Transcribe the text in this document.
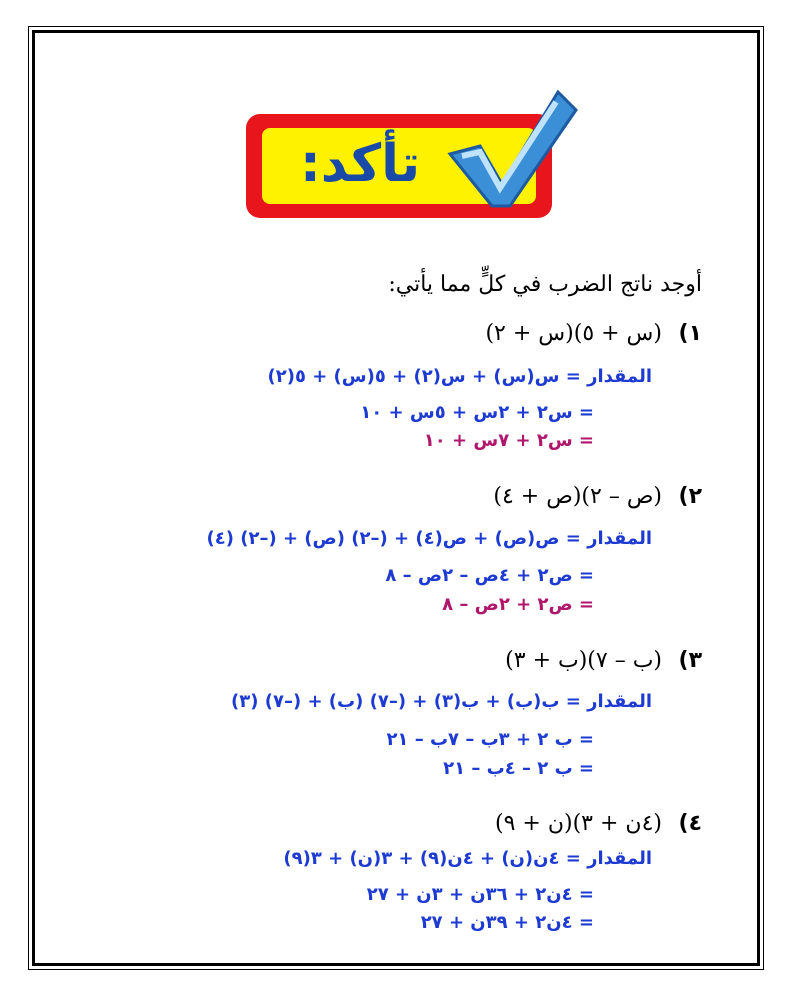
تأكد:
أوجد ناتج الضرب في كلٍّ مما يأتي:
١)
(س + ٥)(س + ٢)
المقدار = س(س) + س(٢) + ٥(س) + ٥(٢)
= س٢ + ٢س + ٥س + ١٠
= س٢ + ٧س + ١٠
٢)
(ص – ٢)(ص + ٤)
المقدار = ص(ص) + ص(٤) + (–٢) (ص) + (–٢) (٤)
= ص٢ + ٤ص – ٢ص – ٨
= ص٢ + ٢ص – ٨
٣)
(ب – ٧)(ب + ٣)
المقدار = ب(ب) + ب(٣) + (–٧) (ب) + (–٧) (٣)
= ب ٢ + ٣ب – ٧ب – ٢١
= ب ٢ – ٤ب – ٢١
٤)
(٤ن + ٣)(ن + ٩)
المقدار = ٤ن(ن) + ٤ن(٩) + ٣(ن) + ٣(٩)
= ٤ن٢ + ٣٦ن + ٣ن + ٢٧
= ٤ن٢ + ٣٩ن + ٢٧
